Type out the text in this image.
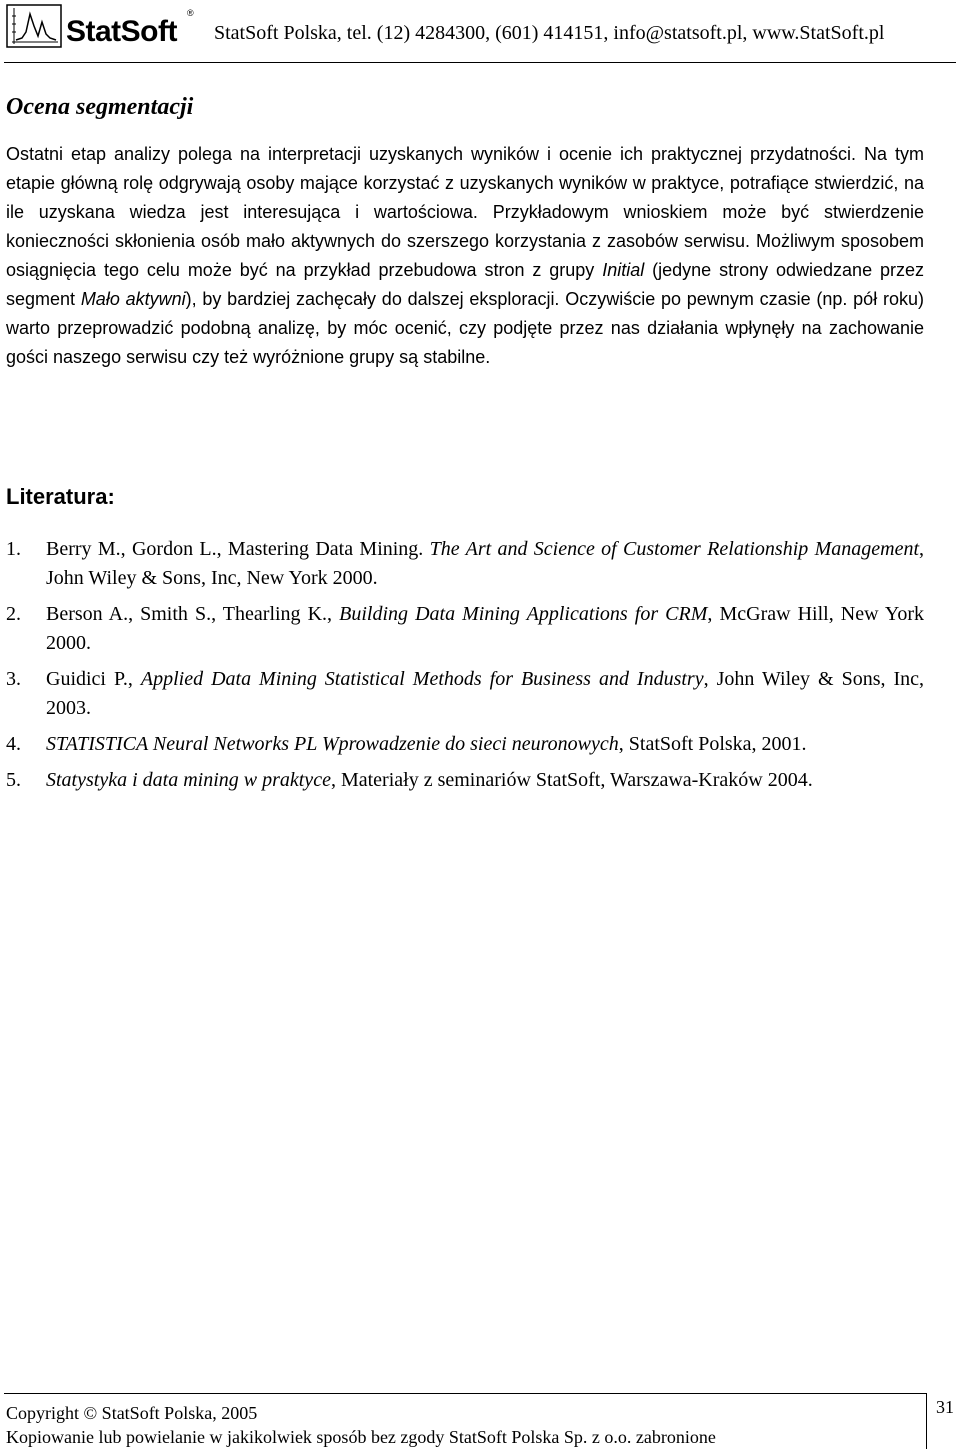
StatSoft
®
StatSoft Polska, tel. (12) 4284300, (601) 414151, info@statsoft.pl, www.StatSoft.pl
Ocena segmentacji

Ostatni etap analizy polega na interpretacji uzyskanych wyników i ocenie ich praktycznej przydatności. Na tym etapie główną rolę odgrywają osoby mające korzystać z uzyskanych wyników w praktyce, potrafiące stwierdzić, na ile uzyskana wiedza jest interesująca i wartościowa. Przykładowym wnioskiem może być stwierdzenie konieczności skłonienia osób mało aktywnych do szerszego korzystania z zasobów serwisu. Możliwym sposobem osiągnięcia tego celu może być na przykład przebudowa stron z grupy Initial (jedyne strony odwiedzane przez segment Mało aktywni), by bardziej zachęcały do dalszej eksploracji. Oczywiście po pewnym czasie (np. pół roku) warto przeprowadzić podobną analizę, by móc ocenić, czy podjęte przez nas działania wpłynęły na zachowanie gości naszego serwisu czy też wyróżnione grupy są stabilne.

Literatura:
1. Berry M., Gordon L., Mastering Data Mining. The Art and Science of Customer Relationship Management, John Wiley & Sons, Inc, New York 2000.
2. Berson A., Smith S., Thearling K., Building Data Mining Applications for CRM, McGraw Hill, New York 2000.
3. Guidici P., Applied Data Mining Statistical Methods for Business and Industry, John Wiley & Sons, Inc, 2003.
4. STATISTICA Neural Networks PL Wprowadzenie do sieci neuronowych, StatSoft Polska, 2001.
5. Statystyka i data mining w praktyce, Materiały z seminariów StatSoft, Warszawa-Kraków 2004.
Copyright © StatSoft Polska, 2005
Kopiowanie lub powielanie w jakikolwiek sposób bez zgody StatSoft Polska Sp. z o.o. zabronione
31
